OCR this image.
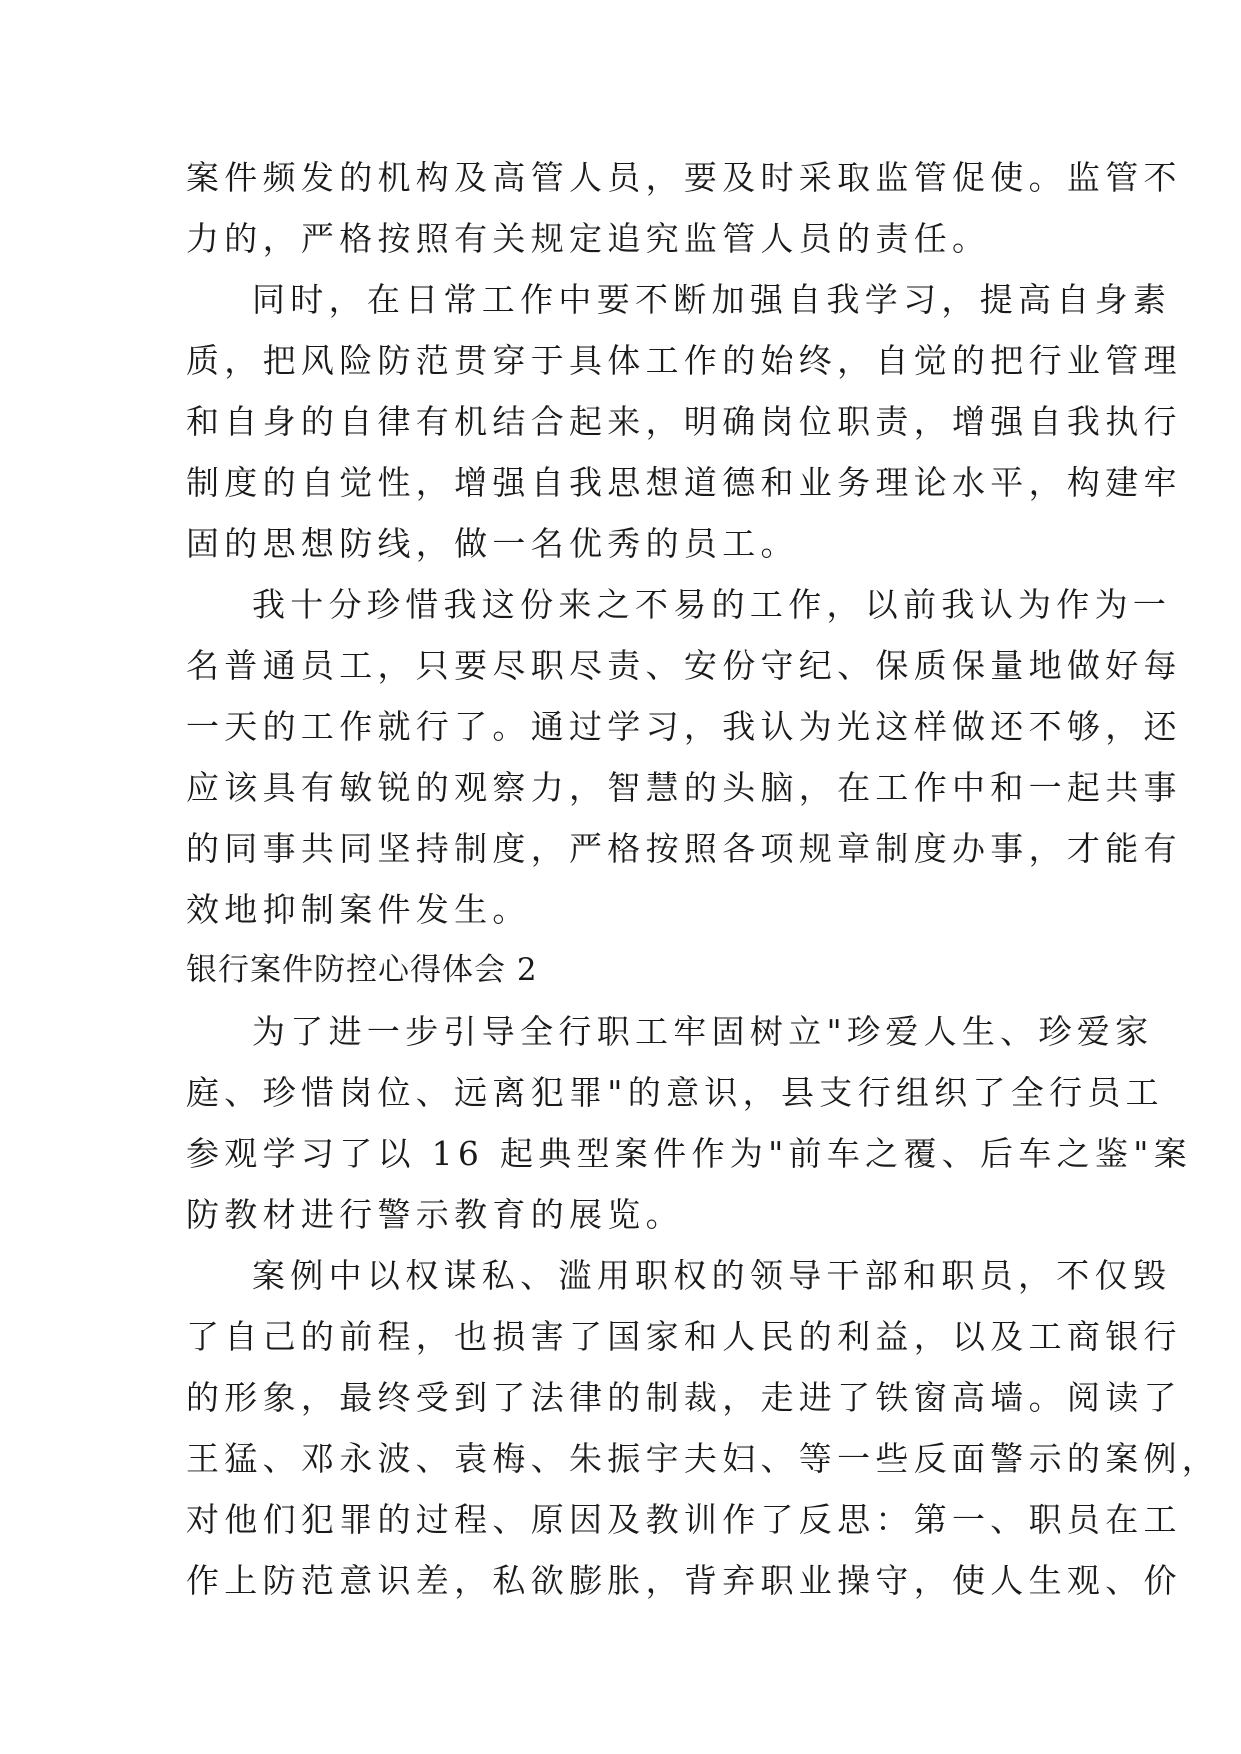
案件频发的机构及高管人员，要及时采取监管促使。监管不
力的，严格按照有关规定追究监管人员的责任。
同时，在日常工作中要不断加强自我学习，提高自身素
质，把风险防范贯穿于具体工作的始终，自觉的把行业管理
和自身的自律有机结合起来，明确岗位职责，增强自我执行
制度的自觉性，增强自我思想道德和业务理论水平，构建牢
固的思想防线，做一名优秀的员工。
我十分珍惜我这份来之不易的工作，以前我认为作为一
名普通员工，只要尽职尽责、安份守纪、保质保量地做好每
一天的工作就行了。通过学习，我认为光这样做还不够，还
应该具有敏锐的观察力，智慧的头脑，在工作中和一起共事
的同事共同坚持制度，严格按照各项规章制度办事，才能有
效地抑制案件发生。
银行案件防控心得体会 2
为了进一步引导全行职工牢固树立"珍爱人生、珍爱家
庭、珍惜岗位、远离犯罪"的意识，县支行组织了全行员工
参观学习了以 16 起典型案件作为"前车之覆、后车之鉴"案
防教材进行警示教育的展览。
案例中以权谋私、滥用职权的领导干部和职员，不仅毁
了自己的前程，也损害了国家和人民的利益，以及工商银行
的形象，最终受到了法律的制裁，走进了铁窗高墙。阅读了
王猛、邓永波、袁梅、朱振宇夫妇、等一些反面警示的案例，
对他们犯罪的过程、原因及教训作了反思：第一、职员在工
作上防范意识差，私欲膨胀，背弃职业操守，使人生观、价
